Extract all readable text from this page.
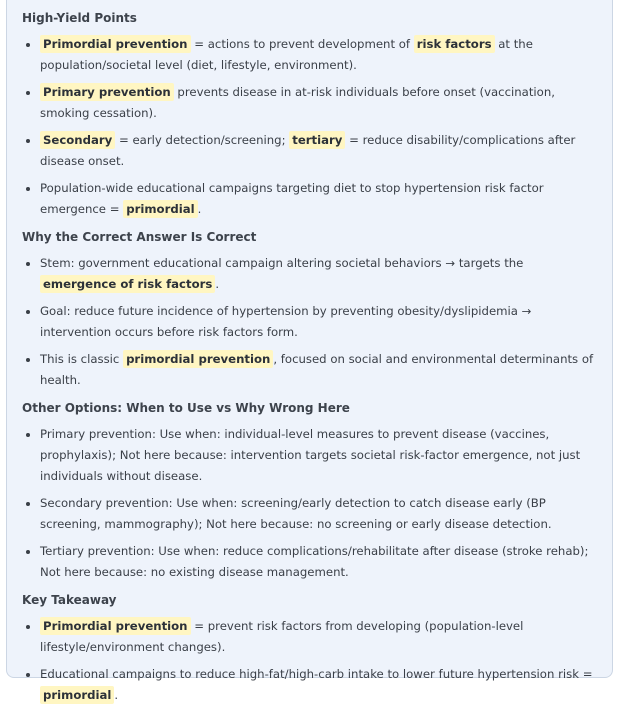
High-Yield Points
Primordial prevention = actions to prevent development of risk factors at the population/societal level (diet, lifestyle, environment).
Primary prevention prevents disease in at-risk individuals before onset (vaccination, smoking cessation).
Secondary = early detection/screening; tertiary = reduce disability/complications after disease onset.
Population-wide educational campaigns targeting diet to stop hypertension risk factor emergence = primordial .
Why the Correct Answer Is Correct
Stem: government educational campaign altering societal behaviors → targets the emergence of risk factors .
Goal: reduce future incidence of hypertension by preventing obesity/dyslipidemia → intervention occurs before risk factors form.
This is classic primordial prevention , focused on social and environmental determinants of health.
Other Options: When to Use vs Why Wrong Here
Primary prevention: Use when: individual-level measures to prevent disease (vaccines, prophylaxis); Not here because: intervention targets societal risk-factor emergence, not just individuals without disease.
Secondary prevention: Use when: screening/early detection to catch disease early (BP screening, mammography); Not here because: no screening or early disease detection.
Tertiary prevention: Use when: reduce complications/rehabilitate after disease (stroke rehab); Not here because: no existing disease management.
Key Takeaway
Primordial prevention = prevent risk factors from developing (population-level lifestyle/environment changes).
Educational campaigns to reduce high-fat/high-carb intake to lower future hypertension risk = primordial .
